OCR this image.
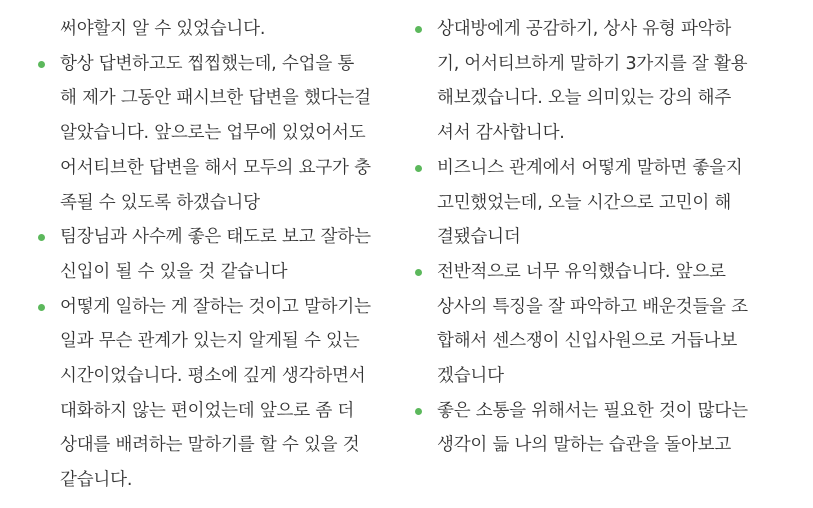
써야할지 알 수 있었습니다.
항상 답변하고도 찝찝했는데, 수업을 통
해 제가 그동안 패시브한 답변을 했다는걸
알았습니다. 앞으로는 업무에 있었어서도
어서티브한 답변을 해서 모두의 요구가 충
족될 수 있도록 하갰습니당
팀장님과 사수께 좋은 태도로 보고 잘하는
신입이 될 수 있을 것 같습니다
어떻게 일하는 게 잘하는 것이고 말하기는
일과 무슨 관계가 있는지 알게될 수 있는
시간이었습니다. 평소에 깊게 생각하면서
대화하지 않는 편이었는데 앞으로 좀 더
상대를 배려하는 말하기를 할 수 있을 것
같습니다.
상대방에게 공감하기, 상사 유형 파악하
기, 어서티브하게 말하기 3가지를 잘 활용
해보겠습니다. 오늘 의미있는 강의 해주
셔서 감사합니다.
비즈니스 관계에서 어떻게 말하면 좋을지
고민했었는데, 오늘 시간으로 고민이 해
결됐습니더
전반적으로 너무 유익했습니다. 앞으로
상사의 특징을 잘 파악하고 배운것들을 조
합해서 센스쟁이 신입사원으로 거듭나보
겠습니다
좋은 소통을 위해서는 필요한 것이 많다는
생각이 듦 나의 말하는 습관을 돌아보고
